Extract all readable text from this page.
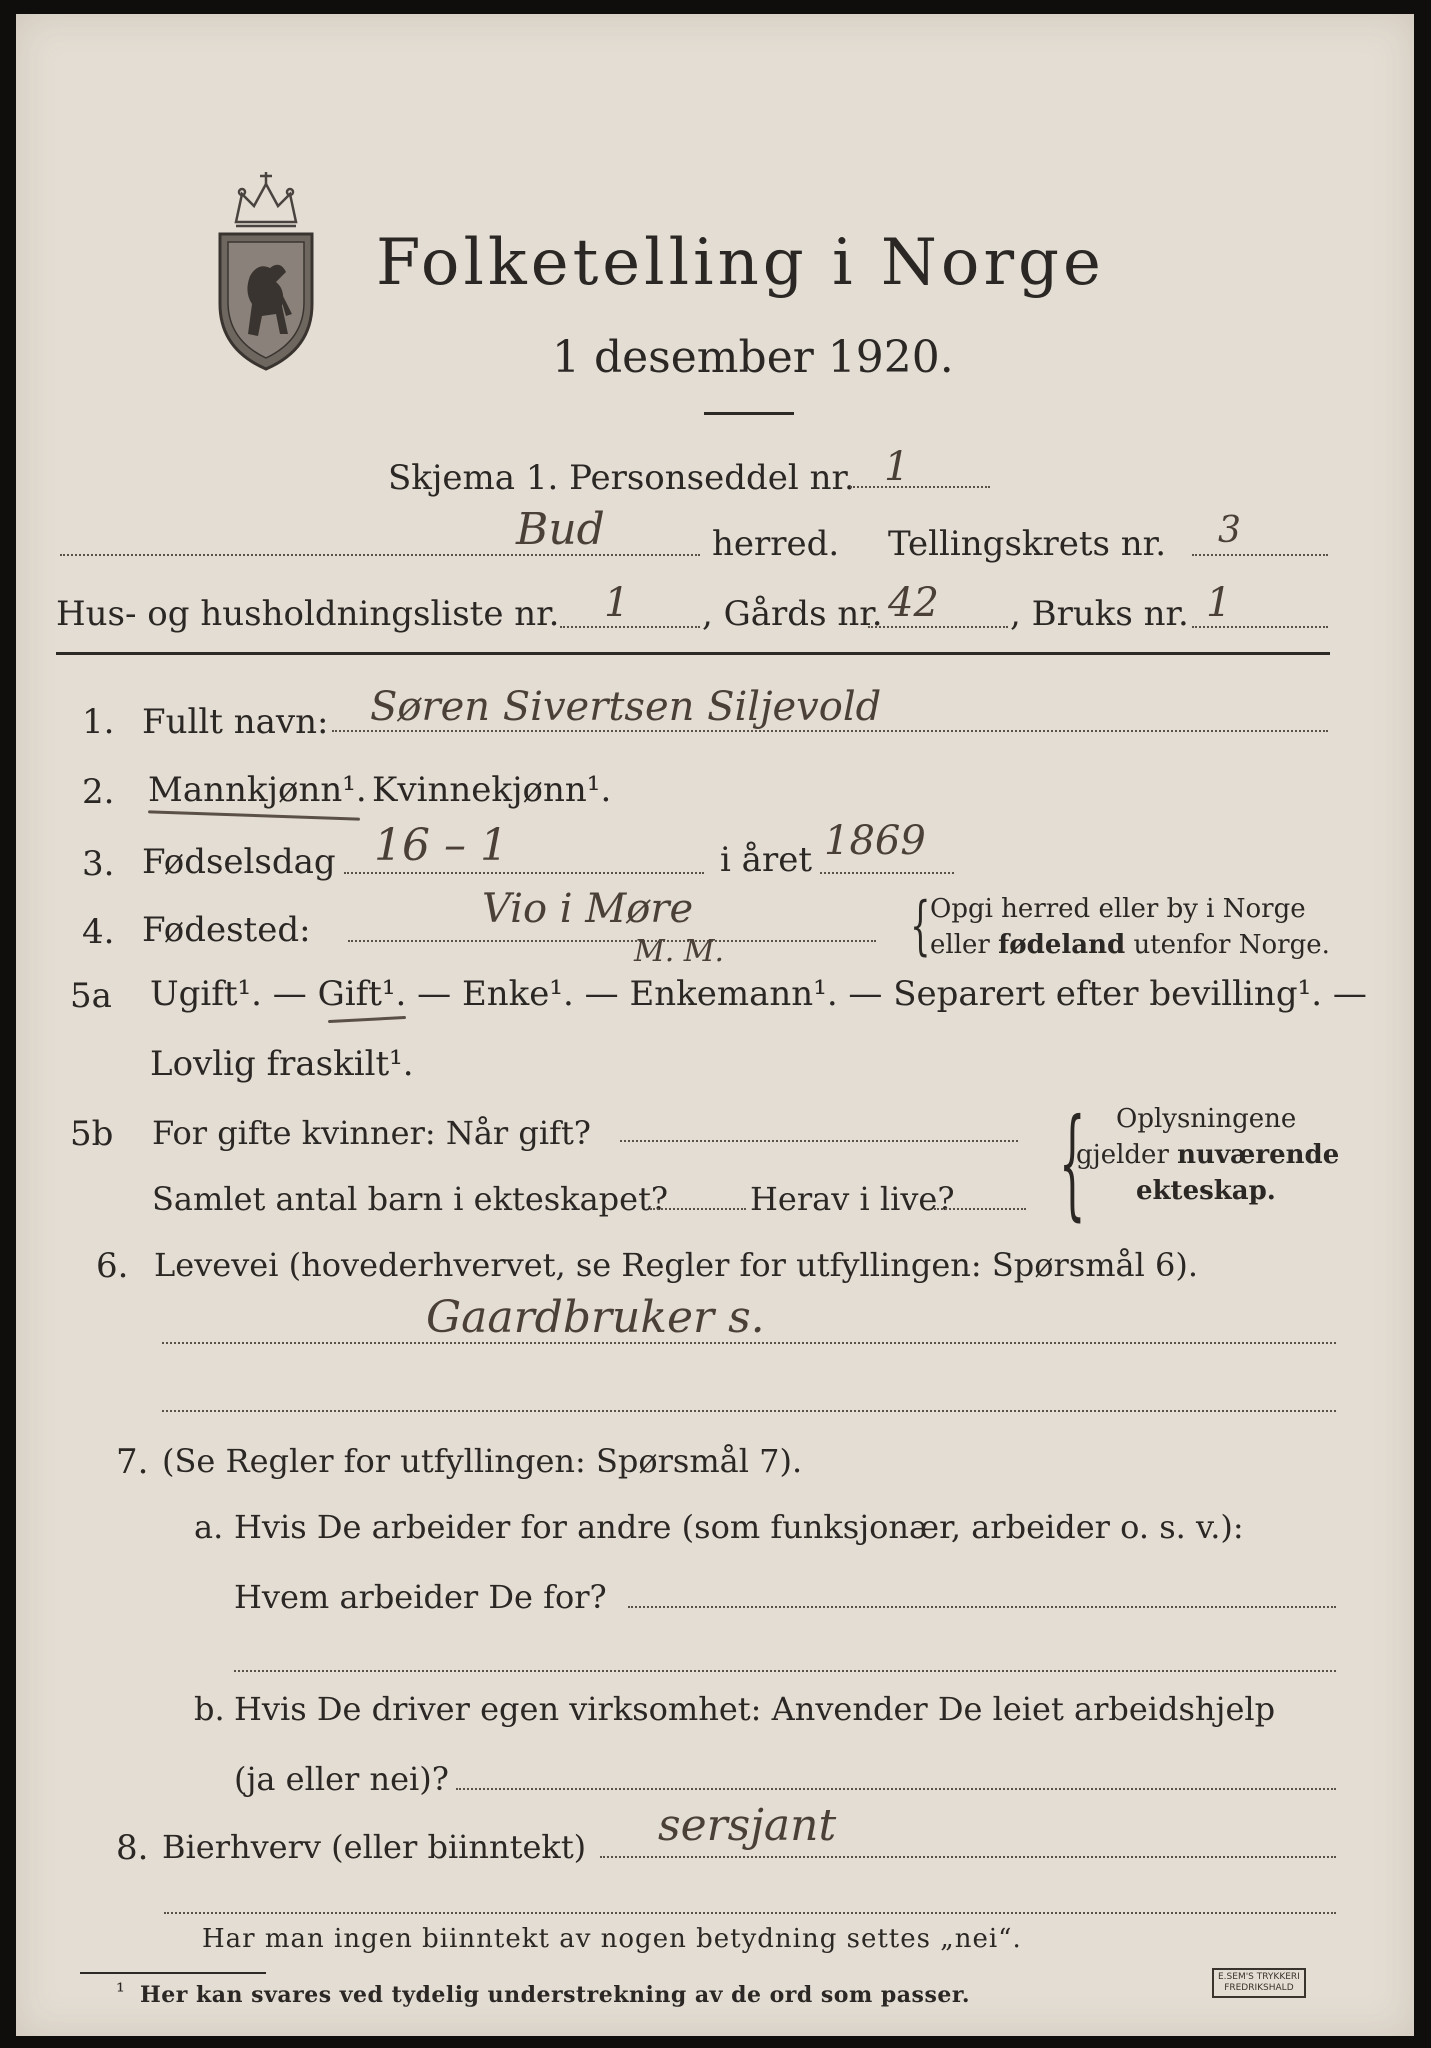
Folketelling i Norge
1 desember 1920.
Skjema 1. Personseddel nr. 1
Bud	herred. Tellingskrets nr. 3
Hus- og husholdningsliste nr. 1 , Gårds nr. 42 , Bruks nr. 1
1. Fullt navn: Søren Sivertsen Siljevold
2. Mannkjønn¹. Kvinnekjønn¹.
3. Fødselsdag 16 – 1	i året 1869
4. Fødested:	Vio i Møre
M. M.	{ Opgi herred eller by i Norge
eller fødeland utenfor Norge.
5a Ugift¹. — Gift¹. — Enke¹. — Enkemann¹. — Separert efter bevilling¹. —
Lovlig fraskilt¹.
5b For gifte kvinner: Når gift?
Samlet antal barn i ekteskapet?	Herav i live? { Oplysningene
gjelder nuværende
ekteskap.
6. Levevei (hovederhvervet, se Regler for utfyllingen: Spørsmål 6).
Gaardbruker s.
7. (Se Regler for utfyllingen: Spørsmål 7).
a. Hvis De arbeider for andre (som funksjonær, arbeider o. s. v.):
Hvem arbeider De for?
b. Hvis De driver egen virksomhet: Anvender De leiet arbeidshjelp
(ja eller nei)?
8. Bierhverv (eller biinntekt) sersjant
Har man ingen biinntekt av nogen betydning settes „nei“.
¹ Her kan svares ved tydelig understrekning av de ord som passer.
E.SEM'S TRYKKERI
FREDRIKSHALD
